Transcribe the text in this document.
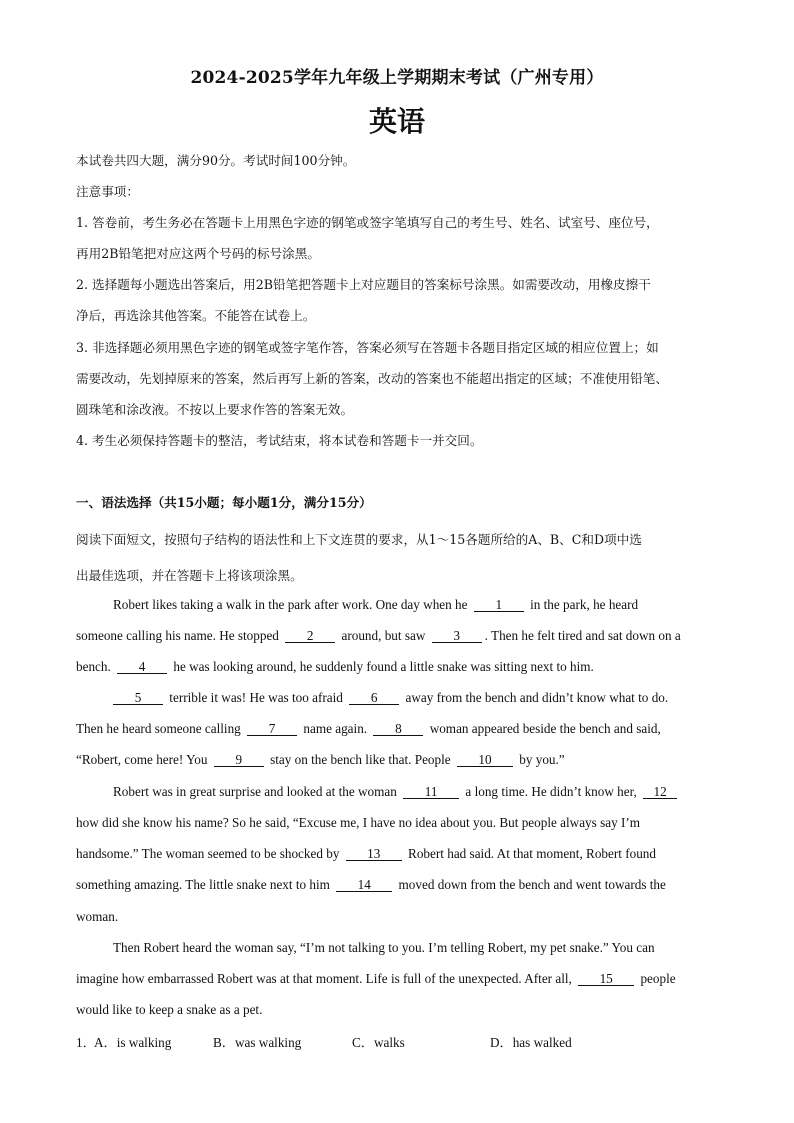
2024-2025学年九年级上学期期末考试（广州专用）
英语
本试卷共四大题，满分90分。考试时间100分钟。
注意事项：
1. 答卷前，考生务必在答题卡上用黑色字迹的钢笔或签字笔填写自己的考生号、姓名、试室号、座位号，
再用2B铅笔把对应这两个号码的标号涂黑。
2. 选择题每小题选出答案后，用2B铅笔把答题卡上对应题目的答案标号涂黑。如需要改动，用橡皮擦干
净后，再选涂其他答案。不能答在试卷上。
3. 非选择题必须用黑色字迹的钢笔或签字笔作答，答案必须写在答题卡各题目指定区域的相应位置上；如
需要改动，先划掉原来的答案，然后再写上新的答案，改动的答案也不能超出指定的区域；不准使用铅笔、
圆珠笔和涂改液。不按以上要求作答的答案无效。
4. 考生必须保持答题卡的整洁，考试结束，将本试卷和答题卡一并交回。
一、语法选择（共15小题；每小题1分，满分15分）
阅读下面短文，按照句子结构的语法性和上下文连贯的要求，从1～15各题所给的A、B、C和D项中选
出最佳选项，并在答题卡上将该项涂黑。
Robert likes taking a walk in the park after work. One day when he 1 in the park, he heard
someone calling his name. He stopped 2 around, but saw 3 . Then he felt tired and sat down on a
bench. 4 he was looking around, he suddenly found a little snake was sitting next to him.
5 terrible it was! He was too afraid 6 away from the bench and didn’t know what to do.
Then he heard someone calling 7 name again. 8 woman appeared beside the bench and said,
“Robert, come here! You 9 stay on the bench like that. People 10 by you.”
Robert was in great surprise and looked at the woman 11 a long time. He didn’t know her, 12
how did she know his name? So he said, “Excuse me, I have no idea about you. But people always say I’m
handsome.” The woman seemed to be shocked by 13 Robert had said. At that moment, Robert found
something amazing. The little snake next to him 14 moved down from the bench and went towards the
woman.
Then Robert heard the woman say, “I’m not talking to you. I’m telling Robert, my pet snake.” You can
imagine how embarrassed Robert was at that moment. Life is full of the unexpected. After all, 15 people
would like to keep a snake as a pet.
1．
A．is walking	B．was walking	C．walks	D．has walked
